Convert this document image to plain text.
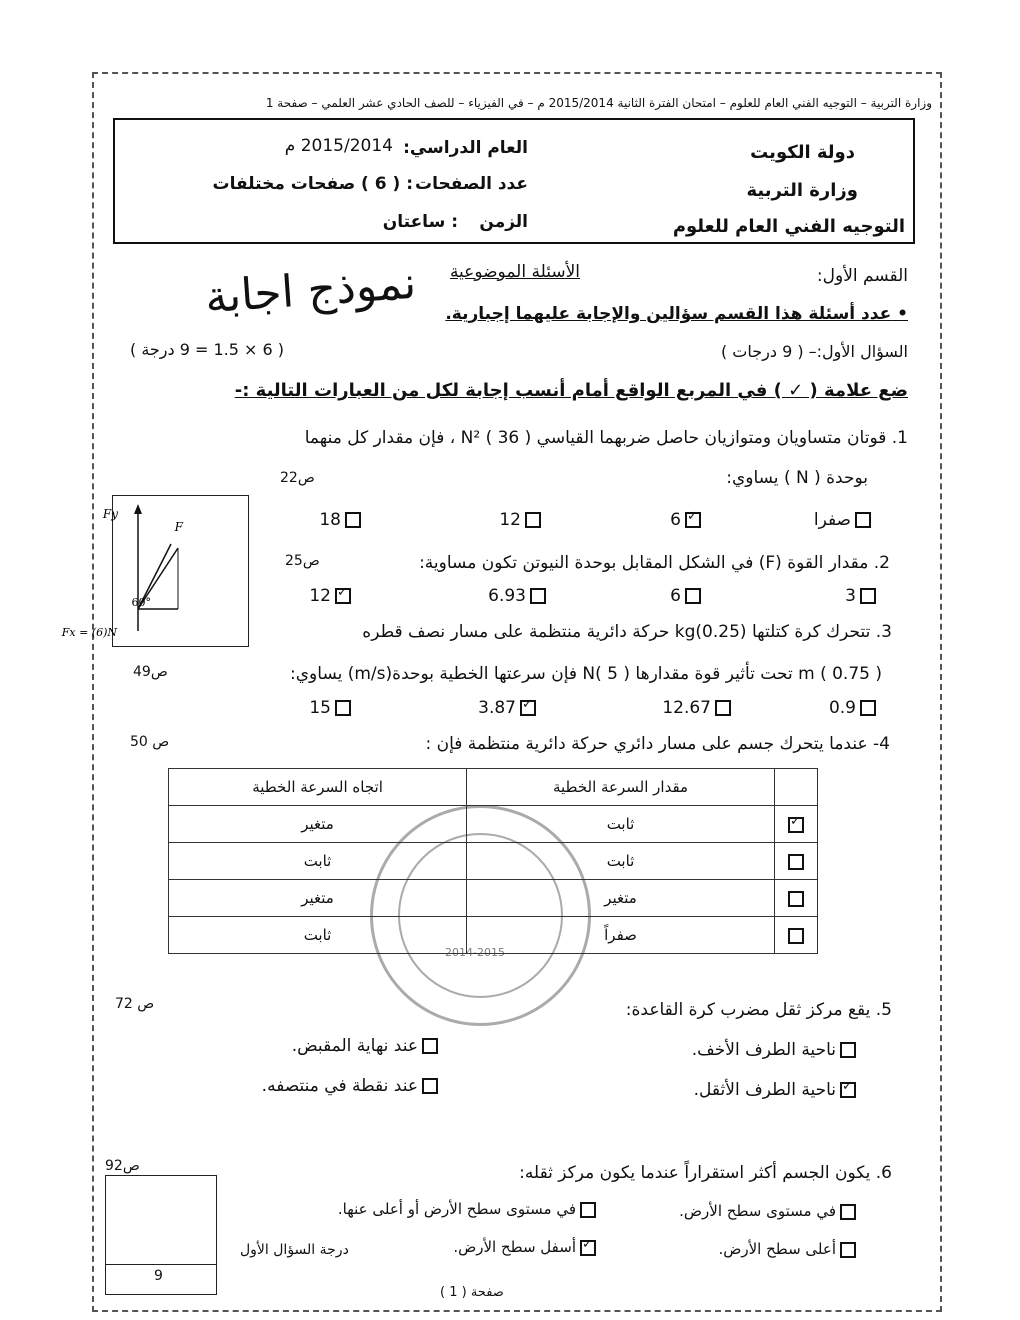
وزارة التربية – التوجيه الفني العام للعلوم – امتحان الفترة الثانية 2015/2014 م – في الفيزياء – للصف الحادي عشر العلمي – صفحة 1
دولة الكويت
وزارة التربية
التوجيه الفني العام للعلوم
العام الدراسي:
2015/2014 م
عدد الصفحات
: ( 6 ) صفحات مختلفات
الزمن
: ساعتان
القسم الأول:
الأسئلة الموضوعية
نموذج اجابة	• عدد أسئلة هذا القسم سؤالين والإجابة عليهما إجبارية.
السؤال الأول:– ( 9 درجات )
( 6 × 1.5 = 9 درجة )
ضع علامة ( ✓ ) في المربع الواقع أمام أنسب إجابة لكل من العبارات التالية :-
1. قوتان متساويان ومتوازيان حاصل ضربهما القياسي N² ( 36 ) ، فإن مقدار كل منهما
بوحدة ( N ) يساوي:
ص22
صفرا
✓6
12
18
Fy
F
60°
Fx = (6)N
2. مقدار القوة (F) في الشكل المقابل بوحدة النيوتن تكون مساوية:
ص25
3
6
6.93
✓12
3. تتحرك كرة كتلتها (0.25)kg حركة دائرية منتظمة على مسار نصف قطره
m ( 0.75 ) تحت تأثير قوة مقدارها N( 5 ) فإن سرعتها الخطية بوحدة(m/s) يساوي:
ص49
0.9
12.67
✓3.87
15
4- عندما يتحرك جسم على مسار دائري حركة دائرية منتظمة فإن :
ص 50
2014-2015
	مقدار السرعة الخطية	اتجاه السرعة الخطية
✓	ثابت	متغير
	ثابت	ثابت
	متغير	متغير
	صفراً	ثابت
5. يقع مركز ثقل مضرب كرة القاعدة:
ص 72
ناحية الطرف الأخف.
عند نهاية المقبض.
✓ناحية الطرف الأثقل.
عند نقطة في منتصفه.
6. يكون الجسم أكثر استقراراً عندما يكون مركز ثقله:
ص92
في مستوى سطح الأرض.
في مستوى سطح الأرض أو أعلى عنها.
أعلى سطح الأرض.
✓أسفل سطح الأرض.
9
درجة السؤال الأول
صفحة ( 1 )
